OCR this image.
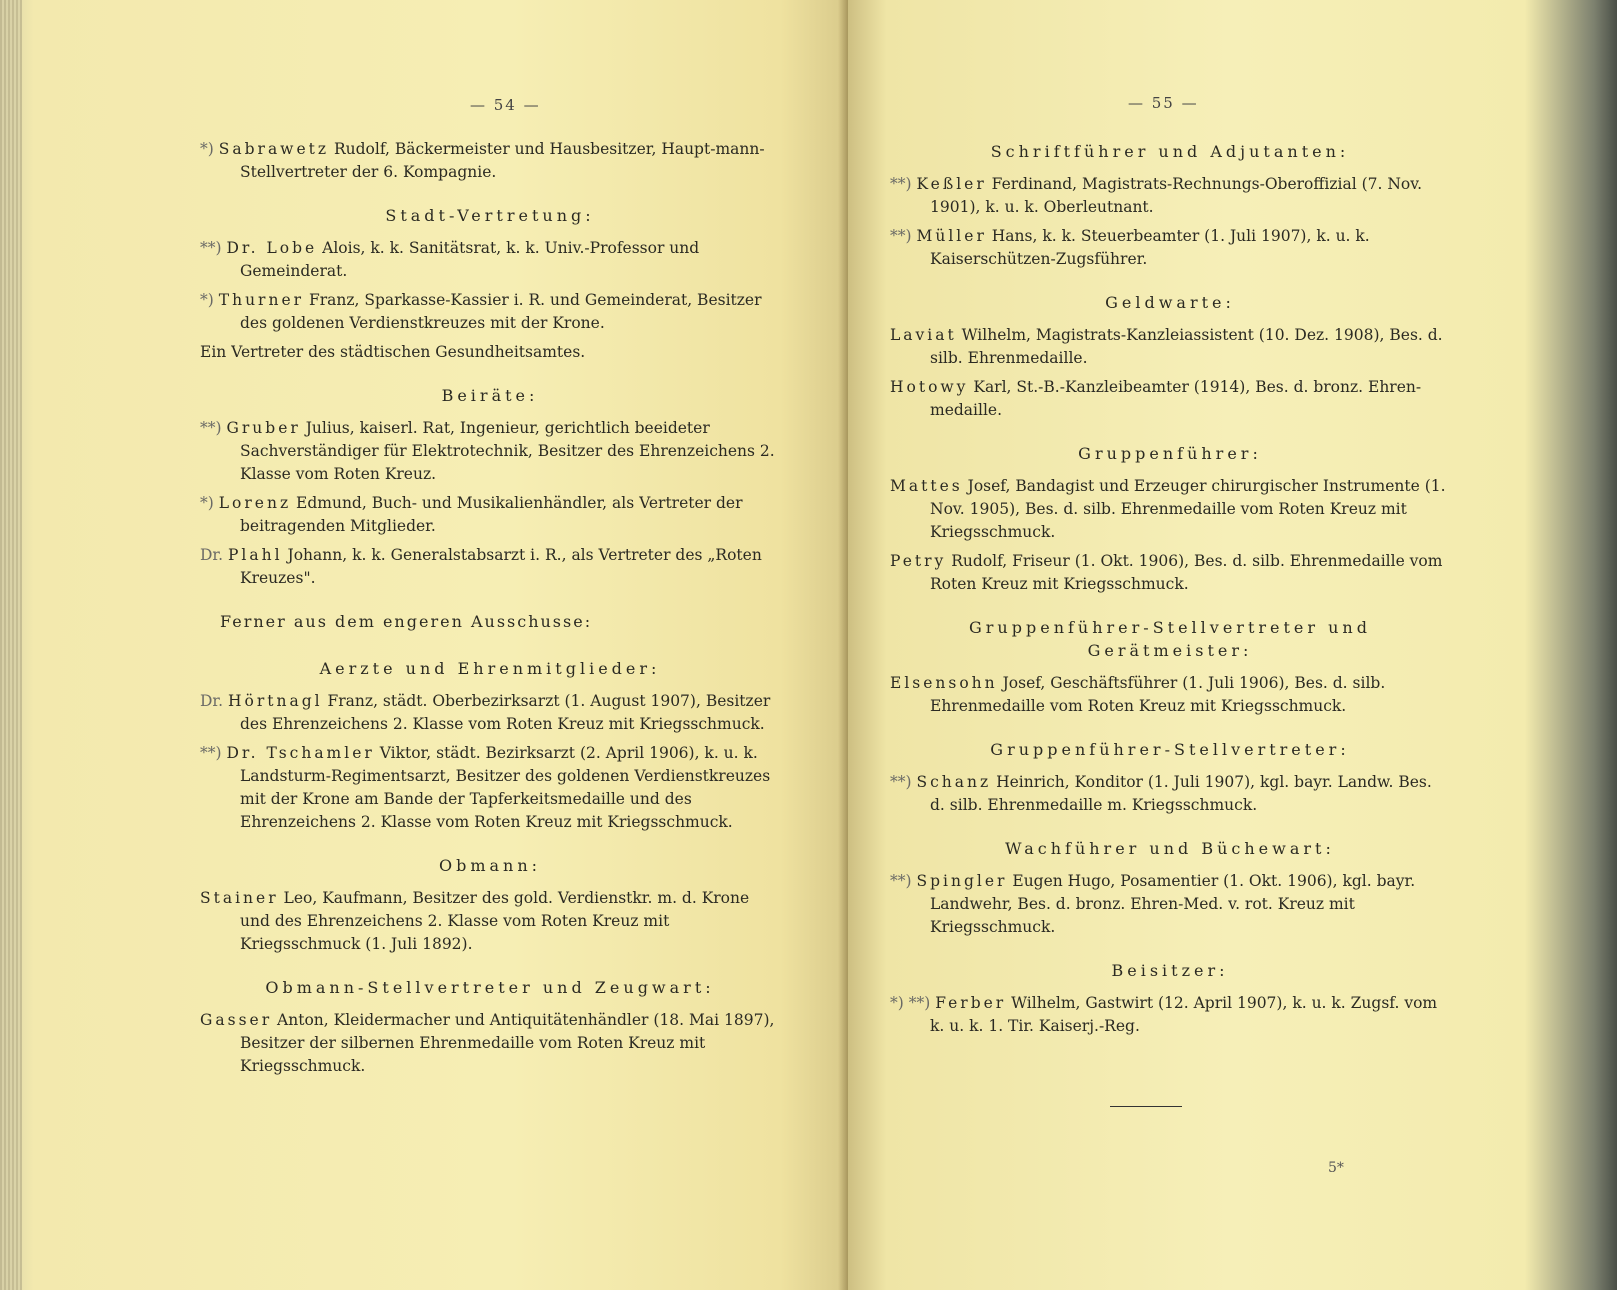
— 54 —
*) Sabrawetz Rudolf, Bäckermeister und Hausbesitzer, Haupt-mann-Stellvertreter der 6. Kompagnie.
Stadt-Vertretung:
**) Dr. Lobe Alois, k. k. Sanitätsrat, k. k. Univ.-Professor und Gemeinderat.
*) Thurner Franz, Sparkasse-Kassier i. R. und Gemeinderat, Besitzer des goldenen Verdienstkreuzes mit der Krone.
Ein Vertreter des städtischen Gesundheitsamtes.
Beiräte:
**) Gruber Julius, kaiserl. Rat, Ingenieur, gerichtlich beeideter Sachverständiger für Elektrotechnik, Besitzer des Ehrenzeichens 2. Klasse vom Roten Kreuz.
*) Lorenz Edmund, Buch- und Musikalienhändler, als Vertreter der beitragenden Mitglieder.
Dr. Plahl Johann, k. k. Generalstabsarzt i. R., als Vertreter des „Roten Kreuzes".
Ferner aus dem engeren Ausschusse:
Aerzte und Ehrenmitglieder:
Dr. Hörtnagl Franz, städt. Oberbezirksarzt (1. August 1907), Besitzer des Ehrenzeichens 2. Klasse vom Roten Kreuz mit Kriegsschmuck.
**) Dr. Tschamler Viktor, städt. Bezirksarzt (2. April 1906), k. u. k. Landsturm-Regimentsarzt, Besitzer des goldenen Verdienstkreuzes mit der Krone am Bande der Tapferkeitsmedaille und des Ehrenzeichens 2. Klasse vom Roten Kreuz mit Kriegsschmuck.
Obmann:
Stainer Leo, Kaufmann, Besitzer des gold. Verdienstkr. m. d. Krone und des Ehrenzeichens 2. Klasse vom Roten Kreuz mit Kriegsschmuck (1. Juli 1892).
Obmann-Stellvertreter und Zeugwart:
Gasser Anton, Kleidermacher und Antiquitätenhändler (18. Mai 1897), Besitzer der silbernen Ehrenmedaille vom Roten Kreuz mit Kriegsschmuck.
— 55 —
Schriftführer und Adjutanten:
**) Keßler Ferdinand, Magistrats-Rechnungs-Oberoffizial (7. Nov. 1901), k. u. k. Oberleutnant.
**) Müller Hans, k. k. Steuerbeamter (1. Juli 1907), k. u. k. Kaiserschützen-Zugsführer.
Geldwarte:
Laviat Wilhelm, Magistrats-Kanzleiassistent (10. Dez. 1908), Bes. d. silb. Ehrenmedaille.
Hotowy Karl, St.-B.-Kanzleibeamter (1914), Bes. d. bronz. Ehren-medaille.
Gruppenführer:
Mattes Josef, Bandagist und Erzeuger chirurgischer Instrumente (1. Nov. 1905), Bes. d. silb. Ehrenmedaille vom Roten Kreuz mit Kriegsschmuck.
Petry Rudolf, Friseur (1. Okt. 1906), Bes. d. silb. Ehrenmedaille vom Roten Kreuz mit Kriegsschmuck.
Gruppenführer-Stellvertreter und Gerätmeister:
Elsensohn Josef, Geschäftsführer (1. Juli 1906), Bes. d. silb. Ehrenmedaille vom Roten Kreuz mit Kriegsschmuck.
Gruppenführer-Stellvertreter:
**) Schanz Heinrich, Konditor (1. Juli 1907), kgl. bayr. Landw. Bes. d. silb. Ehrenmedaille m. Kriegsschmuck.
Wachführer und Büchewart:
**) Spingler Eugen Hugo, Posamentier (1. Okt. 1906), kgl. bayr. Landwehr, Bes. d. bronz. Ehren-Med. v. rot. Kreuz mit Kriegsschmuck.
Beisitzer:
*) **) Ferber Wilhelm, Gastwirt (12. April 1907), k. u. k. Zugsf. vom k. u. k. 1. Tir. Kaiserj.-Reg.
5*
